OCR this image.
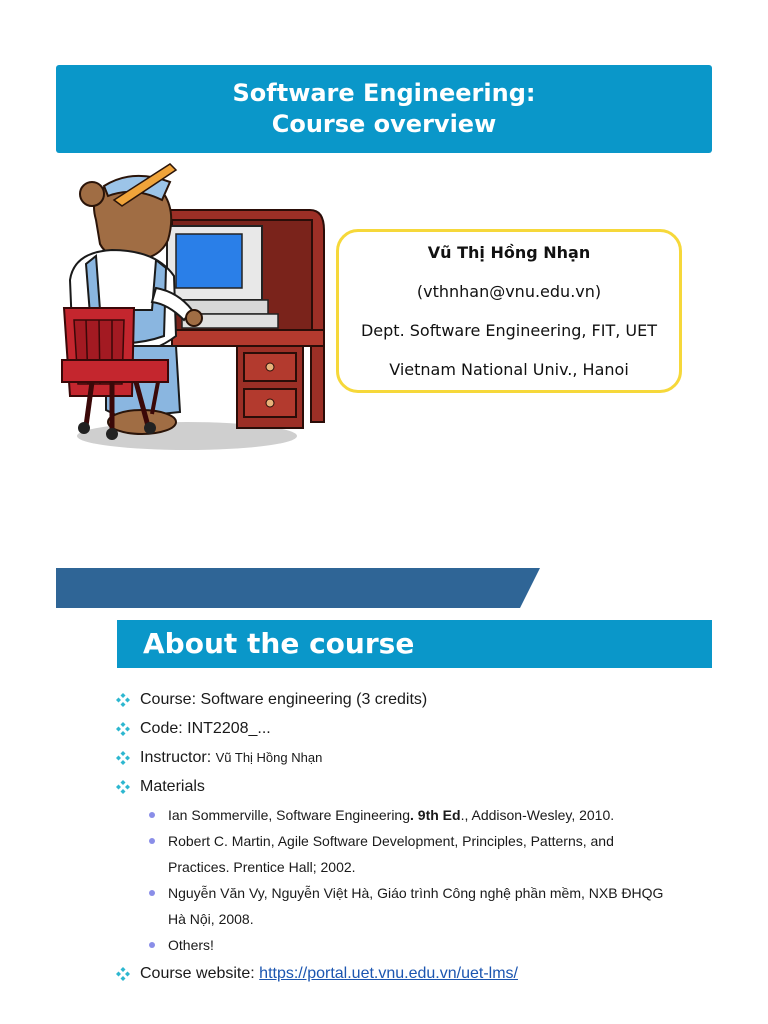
Software Engineering:
Course overview
Vũ Thị Hồng Nhạn
(vthnhan@vnu.edu.vn)
Dept. Software Engineering, FIT, UET
Vietnam National Univ., Hanoi
About the course
Course: Software engineering (3 credits)
Code: INT2208_...
Instructor: Vũ Thị Hồng Nhạn
Materials
Ian Sommerville, Software Engineering. 9th Ed., Addison-Wesley, 2010.
Robert C. Martin, Agile Software Development, Principles, Patterns, and
Practices. Prentice Hall; 2002.
Nguyễn Văn Vy, Nguyễn Việt Hà, Giáo trình Công nghệ phần mềm, NXB ĐHQG
Hà Nội, 2008.
Others!
Course website: https://portal.uet.vnu.edu.vn/uet-lms/
